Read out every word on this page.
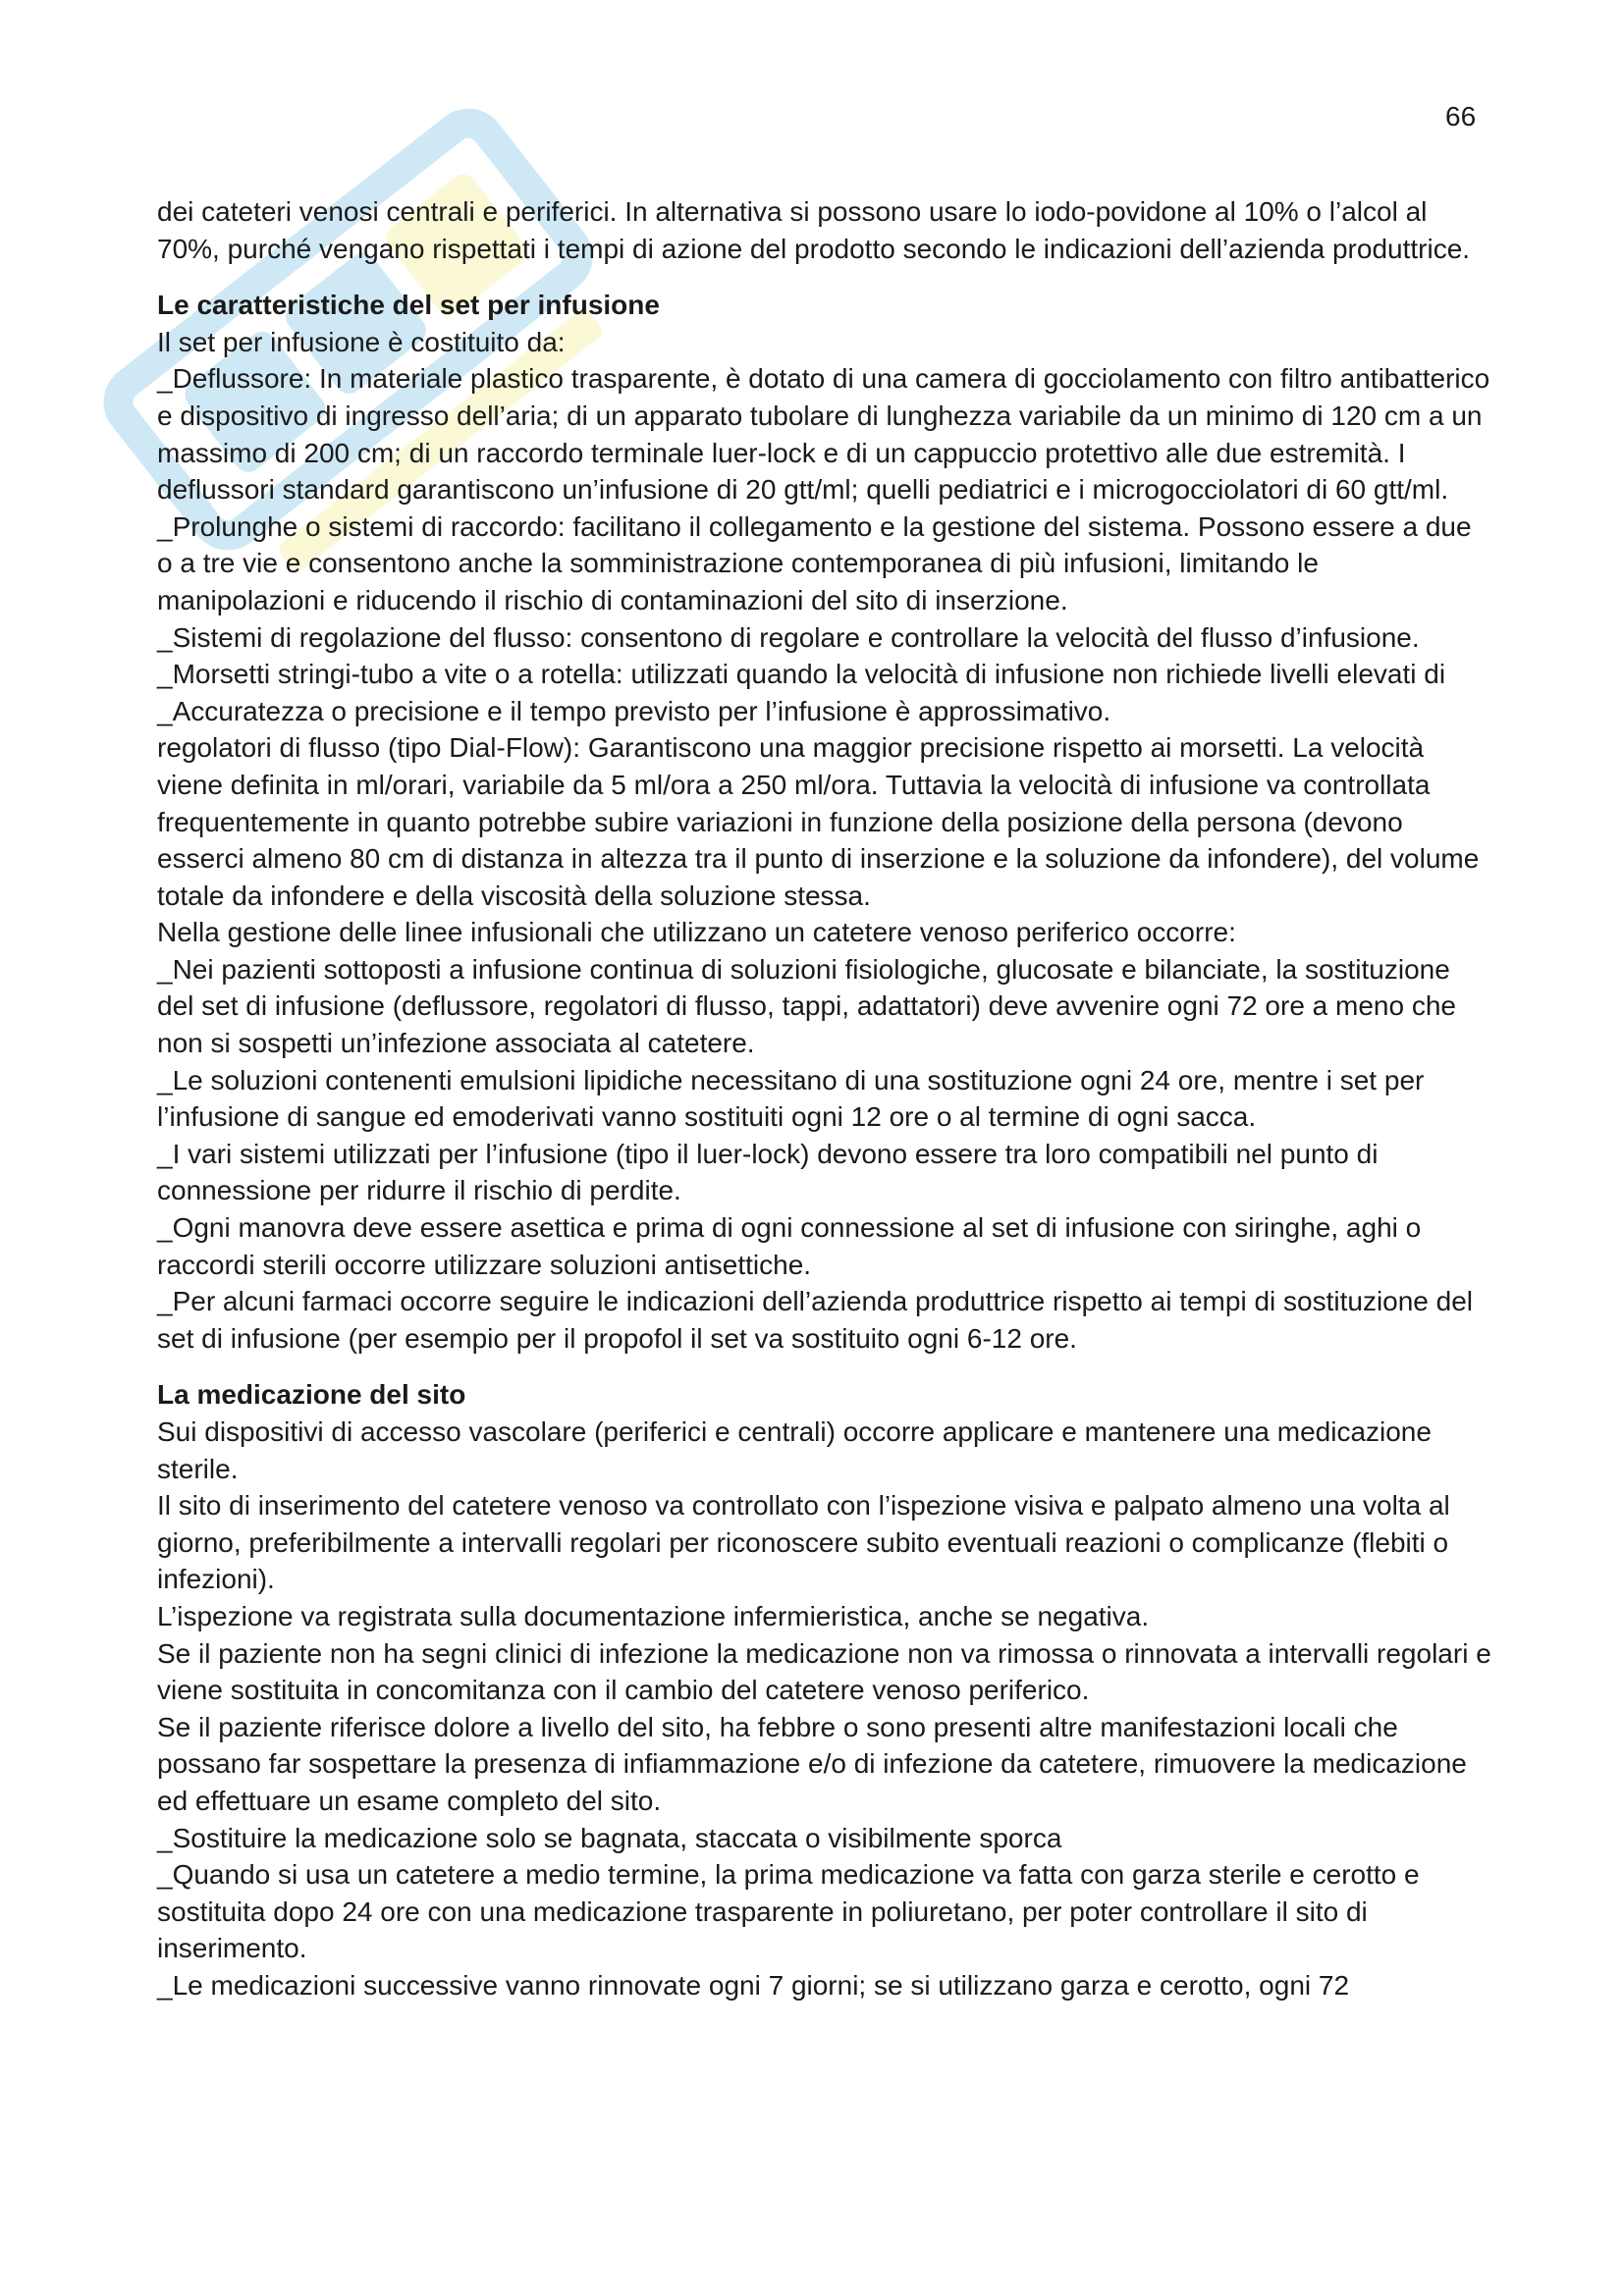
66

dei cateteri venosi centrali e periferici. In alternativa si possono usare lo iodo-povidone al 10% o l’alcol al 70%, purché vengano rispettati i tempi di azione del prodotto secondo le indicazioni dell’azienda produttrice.

Le caratteristiche del set per infusione

Il set per infusione è costituito da:

_Deflussore: In materiale plastico trasparente, è dotato di una camera di gocciolamento con filtro antibatterico e dispositivo di ingresso dell’aria; di un apparato tubolare di lunghezza variabile da un minimo di 120 cm a un massimo di 200 cm; di un raccordo terminale luer-lock e di un cappuccio protettivo alle due estremità. I deflussori standard garantiscono un’infusione di 20 gtt/ml; quelli pediatrici e i microgocciolatori di 60 gtt/ml.

_Prolunghe o sistemi di raccordo: facilitano il collegamento e la gestione del sistema. Possono essere a due o a tre vie e consentono anche la somministrazione contemporanea di più infusioni, limitando le manipolazioni e riducendo il rischio di contaminazioni del sito di inserzione.

_Sistemi di regolazione del flusso: consentono di regolare e controllare la velocità del flusso d’infusione.

_Morsetti stringi-tubo a vite o a rotella: utilizzati quando la velocità di infusione non richiede livelli elevati di _Accuratezza o precisione e il tempo previsto per l’infusione è approssimativo.

regolatori di flusso (tipo Dial-Flow): Garantiscono una maggior precisione rispetto ai morsetti. La velocità viene definita in ml/orari, variabile da 5 ml/ora a 250 ml/ora. Tuttavia la velocità di infusione va controllata frequentemente in quanto potrebbe subire variazioni in funzione della posizione della persona (devono esserci almeno 80 cm di distanza in altezza tra il punto di inserzione e la soluzione da infondere), del volume totale da infondere e della viscosità della soluzione stessa.

Nella gestione delle linee infusionali che utilizzano un catetere venoso periferico occorre:

_Nei pazienti sottoposti a infusione continua di soluzioni fisiologiche, glucosate e bilanciate, la sostituzione del set di infusione (deflussore, regolatori di flusso, tappi, adattatori) deve avvenire ogni 72 ore a meno che non si sospetti un’infezione associata al catetere.

_Le soluzioni contenenti emulsioni lipidiche necessitano di una sostituzione ogni 24 ore, mentre i set per l’infusione di sangue ed emoderivati vanno sostituiti ogni 12 ore o al termine di ogni sacca.

_I vari sistemi utilizzati per l’infusione (tipo il luer-lock) devono essere tra loro compatibili nel punto di connessione per ridurre il rischio di perdite.

_Ogni manovra deve essere asettica e prima di ogni connessione al set di infusione con siringhe, aghi o raccordi sterili occorre utilizzare soluzioni antisettiche.

_Per alcuni farmaci occorre seguire le indicazioni dell’azienda produttrice rispetto ai tempi di sostituzione del set di infusione (per esempio per il propofol il set va sostituito ogni 6-12 ore.

La medicazione del sito

Sui dispositivi di accesso vascolare (periferici e centrali) occorre applicare e mantenere una medicazione sterile.

Il sito di inserimento del catetere venoso va controllato con l’ispezione visiva e palpato almeno una volta al giorno, preferibilmente a intervalli regolari per riconoscere subito eventuali reazioni o complicanze (flebiti o infezioni).

L’ispezione va registrata sulla documentazione infermieristica, anche se negativa.

Se il paziente non ha segni clinici di infezione la medicazione non va rimossa o rinnovata a intervalli regolari e viene sostituita in concomitanza con il cambio del catetere venoso periferico.

Se il paziente riferisce dolore a livello del sito, ha febbre o sono presenti altre manifestazioni locali che possano far sospettare la presenza di infiammazione e/o di infezione da catetere, rimuovere la medicazione ed effettuare un esame completo del sito.

_Sostituire la medicazione solo se bagnata, staccata o visibilmente sporca

_Quando si usa un catetere a medio termine, la prima medicazione va fatta con garza sterile e cerotto e sostituita dopo 24 ore con una medicazione trasparente in poliuretano, per poter controllare il sito di inserimento.

_Le medicazioni successive vanno rinnovate ogni 7 giorni; se si utilizzano garza e cerotto, ogni 72
